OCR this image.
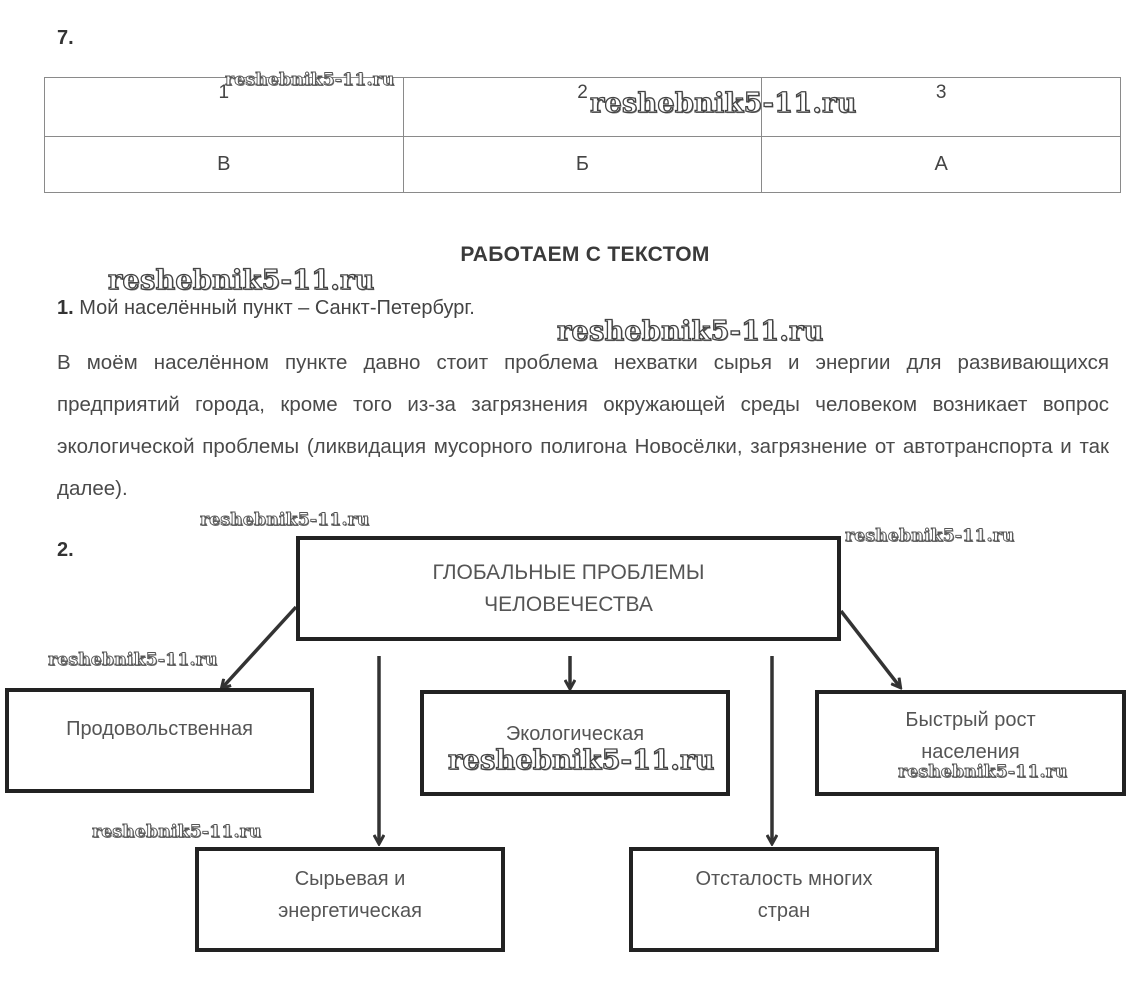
7.
1	2	3
В	Б	А
РАБОТАЕМ С ТЕКСТОМ
1. Мой населённый пункт – Санкт-Петербург.
В моём населённом пункте давно стоит проблема нехватки сырья и энергии для развивающихся предприятий города, кроме того из-за загрязнения окружающей среды человеком возникает вопрос экологической проблемы (ликвидация мусорного полигона Новосёлки, загрязнение от автотранспорта и так далее).
2.
ГЛОБАЛЬНЫЕ ПРОБЛЕМЫ ЧЕЛОВЕЧЕСТВА
Продовольственная	Экологическая
Быстрый рост населения
Сырьевая и энергетическая
Отсталость многих стран
reshebnik5-11.ru
reshebnik5-11.ru
reshebnik5-11.ru
reshebnik5-11.ru
reshebnik5-11.ru
reshebnik5-11.ru
reshebnik5-11.ru
reshebnik5-11.ru	reshebnik5-11.ru
reshebnik5-11.ru
